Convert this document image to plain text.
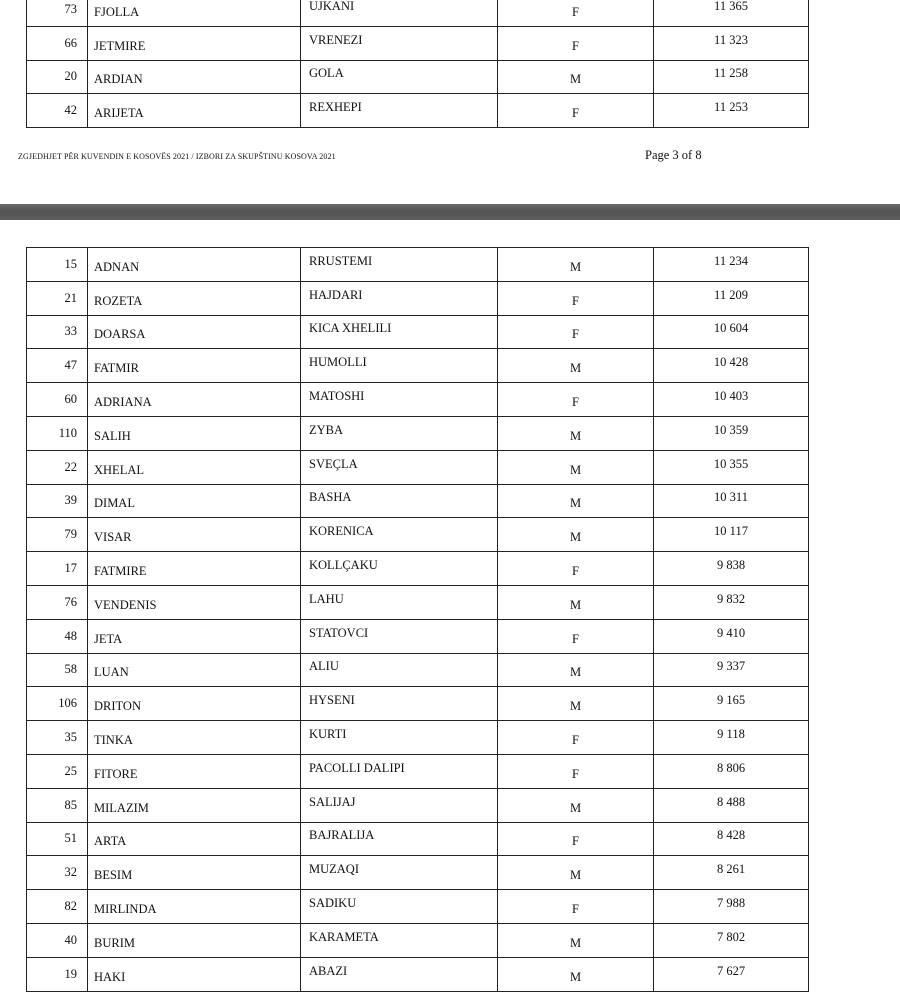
73	FJOLLA	UJKANI	F	11 365
66	JETMIRE	VRENEZI	F	11 323
20	ARDIAN	GOLA	M	11 258
42	ARIJETA	REXHEPI	F	11 253
ZGJEDHJET PËR KUVENDIN E KOSOVËS 2021 / IZBORI ZA SKUPŠTINU KOSOVA 2021	Page 3 of 8
15	ADNAN	RRUSTEMI	M	11 234
21	ROZETA	HAJDARI	F	11 209
33	DOARSA	KICA XHELILI	F	10 604
47	FATMIR	HUMOLLI	M	10 428
60	ADRIANA	MATOSHI	F	10 403
110	SALIH	ZYBA	M	10 359
22	XHELAL	SVEÇLA	M	10 355
39	DIMAL	BASHA	M	10 311
79	VISAR	KORENICA	M	10 117
17	FATMIRE	KOLLÇAKU	F	9 838
76	VENDENIS	LAHU	M	9 832
48	JETA	STATOVCI	F	9 410
58	LUAN	ALIU	M	9 337
106	DRITON	HYSENI	M	9 165
35	TINKA	KURTI	F	9 118
25	FITORE	PACOLLI DALIPI	F	8 806
85	MILAZIM	SALIJAJ	M	8 488
51	ARTA	BAJRALIJA	F	8 428
32	BESIM	MUZAQI	M	8 261
82	MIRLINDA	SADIKU	F	7 988
40	BURIM	KARAMETA	M	7 802
19	HAKI	ABAZI	M	7 627
